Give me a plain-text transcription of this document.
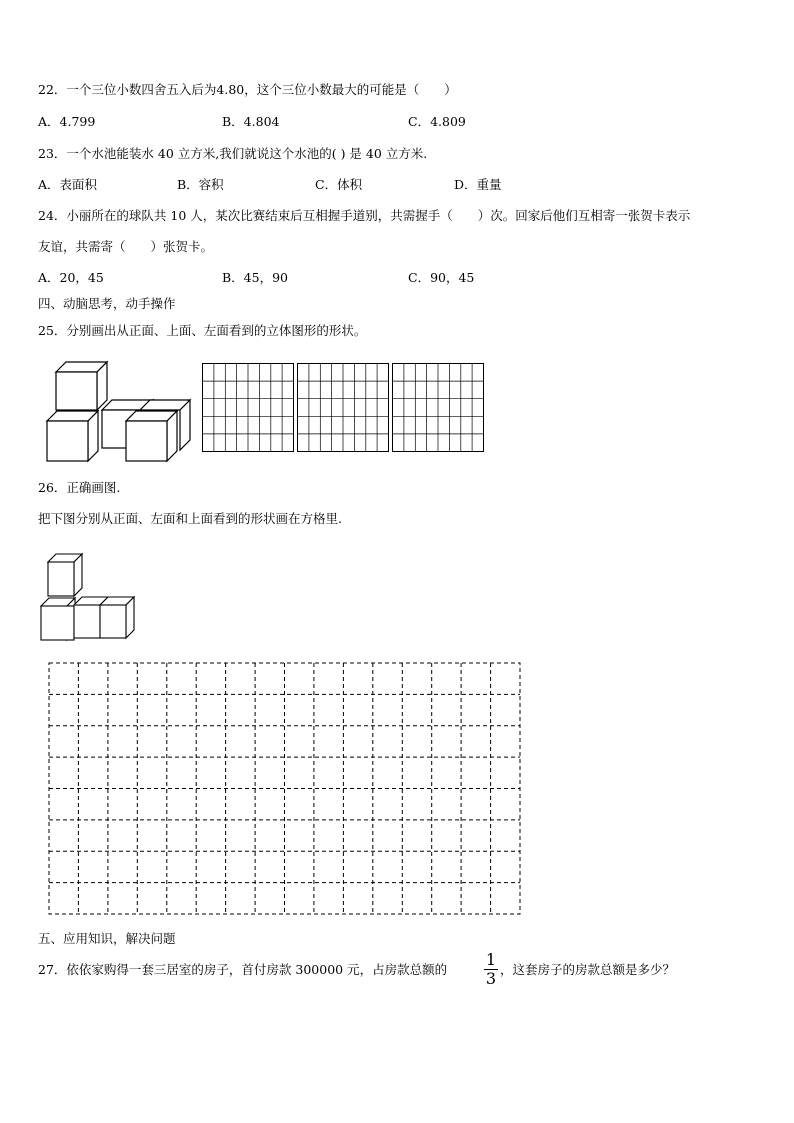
22．一个三位小数四舍五入后为4.80，这个三位小数最大的可能是（　　）
A．4.799	B．4.804	C．4.809
23．一个水池能装水 40 立方米,我们就说这个水池的( ) 是 40 立方米.
A．表面积	B．容积	C．体积	D．重量
24．小丽所在的球队共 10 人，某次比赛结束后互相握手道别，共需握手（　　）次。回家后他们互相寄一张贺卡表示
友谊，共需寄（　　）张贺卡。
A．20，45	B．45，90	C．90，45
四、动脑思考，动手操作
25．分别画出从正面、上面、左面看到的立体图形的形状。
26．正确画图.
把下图分别从正面、左面和上面看到的形状画在方格里.
五、应用知识，解决问题
27．依依家购得一套三居室的房子，首付房款 300000 元，占房款总额的
1
3 ，这套房子的房款总额是多少？
